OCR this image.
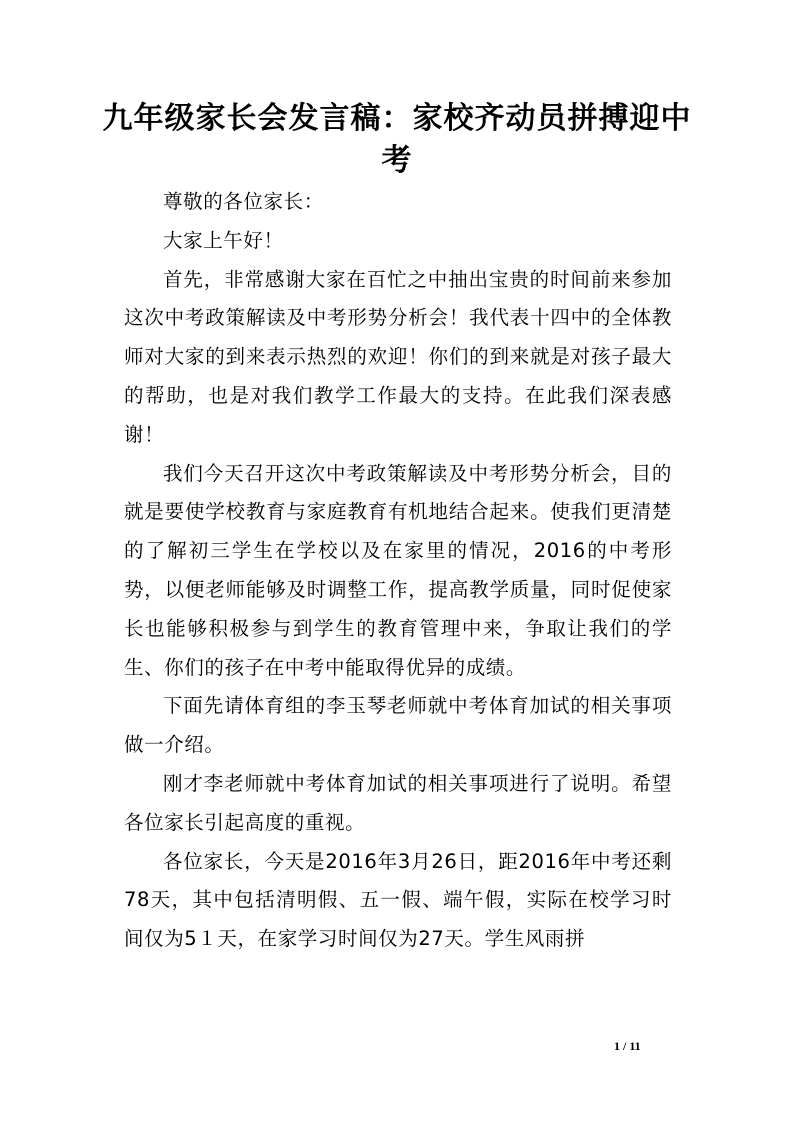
九年级家长会发言稿：家校齐动员拼搏迎中考

尊敬的各位家长：

大家上午好！

首先，非常感谢大家在百忙之中抽出宝贵的时间前来参加这次中考政策解读及中考形势分析会！我代表十四中的全体教师对大家的到来表示热烈的欢迎！你们的到来就是对孩子最大的帮助，也是对我们教学工作最大的支持。在此我们深表感谢！

我们今天召开这次中考政策解读及中考形势分析会，目的就是要使学校教育与家庭教育有机地结合起来。使我们更清楚的了解初三学生在学校以及在家里的情况，2016的中考形势，以便老师能够及时调整工作，提高教学质量，同时促使家长也能够积极参与到学生的教育管理中来，争取让我们的学生、你们的孩子在中考中能取得优异的成绩。

下面先请体育组的李玉琴老师就中考体育加试的相关事项做一介绍。

刚才李老师就中考体育加试的相关事项进行了说明。希望各位家长引起高度的重视。

各位家长，今天是2016年3月26日，距2016年中考还剩78天，其中包括清明假、五一假、端午假，实际在校学习时间仅为5１天，在家学习时间仅为27天。学生风雨拼

1 / 11
